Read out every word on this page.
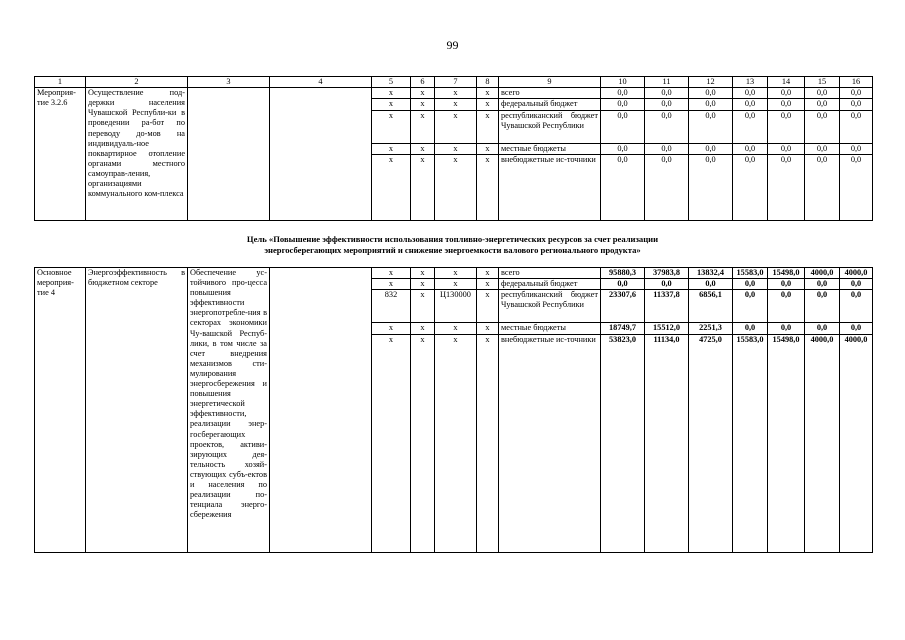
99
1	2	3	4	5	6	7	8	9	10	11	12	13	14	15	16
Мероприя-тие 3.2.6	Осуществление под-держки населения Чувашской Республи-ки в проведении ра-бот по переводу до-мов на индивидуаль-ное поквартирное отопление органами местного самоуправ-ления, организациями коммунального ком-плекса			x	x	x	x	всего	0,0	0,0	0,0	0,0	0,0	0,0	0,0
				x	x	x	x	федеральный бюджет	0,0	0,0	0,0	0,0	0,0	0,0	0,0
				x	x	x	x	республиканский бюджет Чувашской Республики	0,0	0,0	0,0	0,0	0,0	0,0	0,0
				x	x	x	x	местные бюджеты	0,0	0,0	0,0	0,0	0,0	0,0	0,0
				x	x	x	x	внебюджетные ис-точники	0,0	0,0	0,0	0,0	0,0	0,0	0,0
Цель «Повышение эффективности использования топливно-энергетических ресурсов за счет реализации
энергосберегающих мероприятий и снижение энергоемкости валового регионального продукта»
Основное мероприя-тие 4	Энергоэффективность в бюджетном секторе	Обеспечение ус-тойчивого про-цесса повышения эффективности энергопотребле-ния в секторах экономики Чу-вашской Респуб-лики, в том числе за счет внедрения механизмов сти-мулирования энергосбережения и повышения энергетической эффективности, реализации энер-госберегающих проектов, активи-зирующих дея-тельность хозяй-ствующих субъ-ектов и населения по реализации по-тенциала энерго-сбережения		x	x	x	x	всего	95880,3	37983,8	13832,4	15583,0	15498,0	4000,0	4000,0
				x	x	x	x	федеральный бюджет	0,0	0,0	0,0	0,0	0,0	0,0	0,0
				832	x	Ц130000	x	республиканский бюджет Чувашской Республики	23307,6	11337,8	6856,1	0,0	0,0	0,0	0,0
				x	x	x	x	местные бюджеты	18749,7	15512,0	2251,3	0,0	0,0	0,0	0,0
				x	x	x	x	внебюджетные ис-точники	53823,0	11134,0	4725,0	15583,0	15498,0	4000,0	4000,0
